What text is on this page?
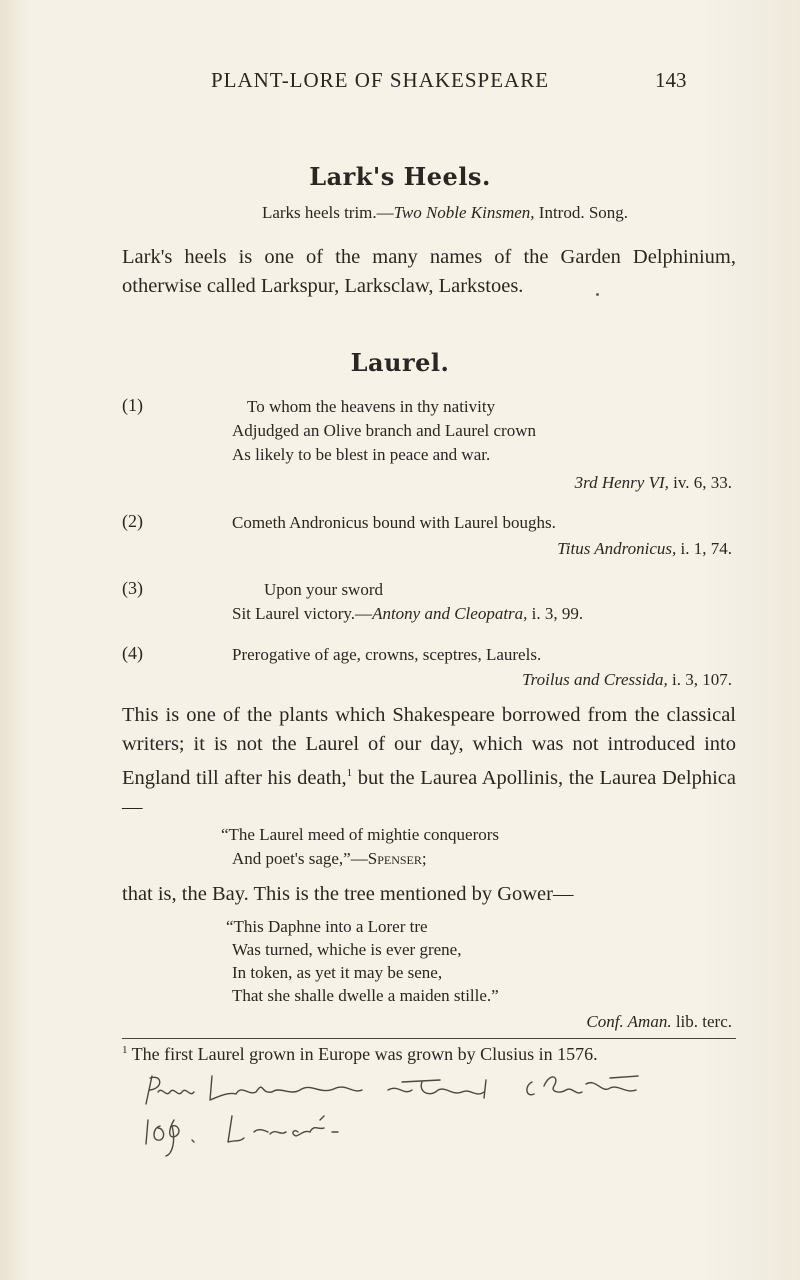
PLANT-LORE OF SHAKESPEARE	143
Lark's Heels.
Larks heels trim.—Two Noble Kinsmen, Introd. Song.
Lark's heels is one of the many names of the Garden Delphinium, otherwise called Larkspur, Larksclaw, Larkstoes.
Laurel.
(1)	To whom the heavens in thy nativity
Adjudged an Olive branch and Laurel crown
As likely to be blest in peace and war.
3rd Henry VI, iv. 6, 33.
(2)	Cometh Andronicus bound with Laurel boughs.
Titus Andronicus, i. 1, 74.
(3)	Upon your sword
Sit Laurel victory.—Antony and Cleopatra, i. 3, 99.
(4)	Prerogative of age, crowns, sceptres, Laurels.
Troilus and Cressida, i. 3, 107.
This is one of the plants which Shakespeare borrowed from the classical writers; it is not the Laurel of our day, which was not introduced into England till after his death,$^1$ but the Laurea Apollinis, the Laurea Delphica—
“The Laurel meed of mightie conquerors
And poet's sage,”—Spenser;
that is, the Bay. This is the tree mentioned by Gower—
“This Daphne into a Lorer tre
Was turned, whiche is ever grene,
In token, as yet it may be sene,
That she shalle dwelle a maiden stille.”
Conf. Aman. lib. terc.
$^1$ The first Laurel grown in Europe was grown by Clusius in 1576.
